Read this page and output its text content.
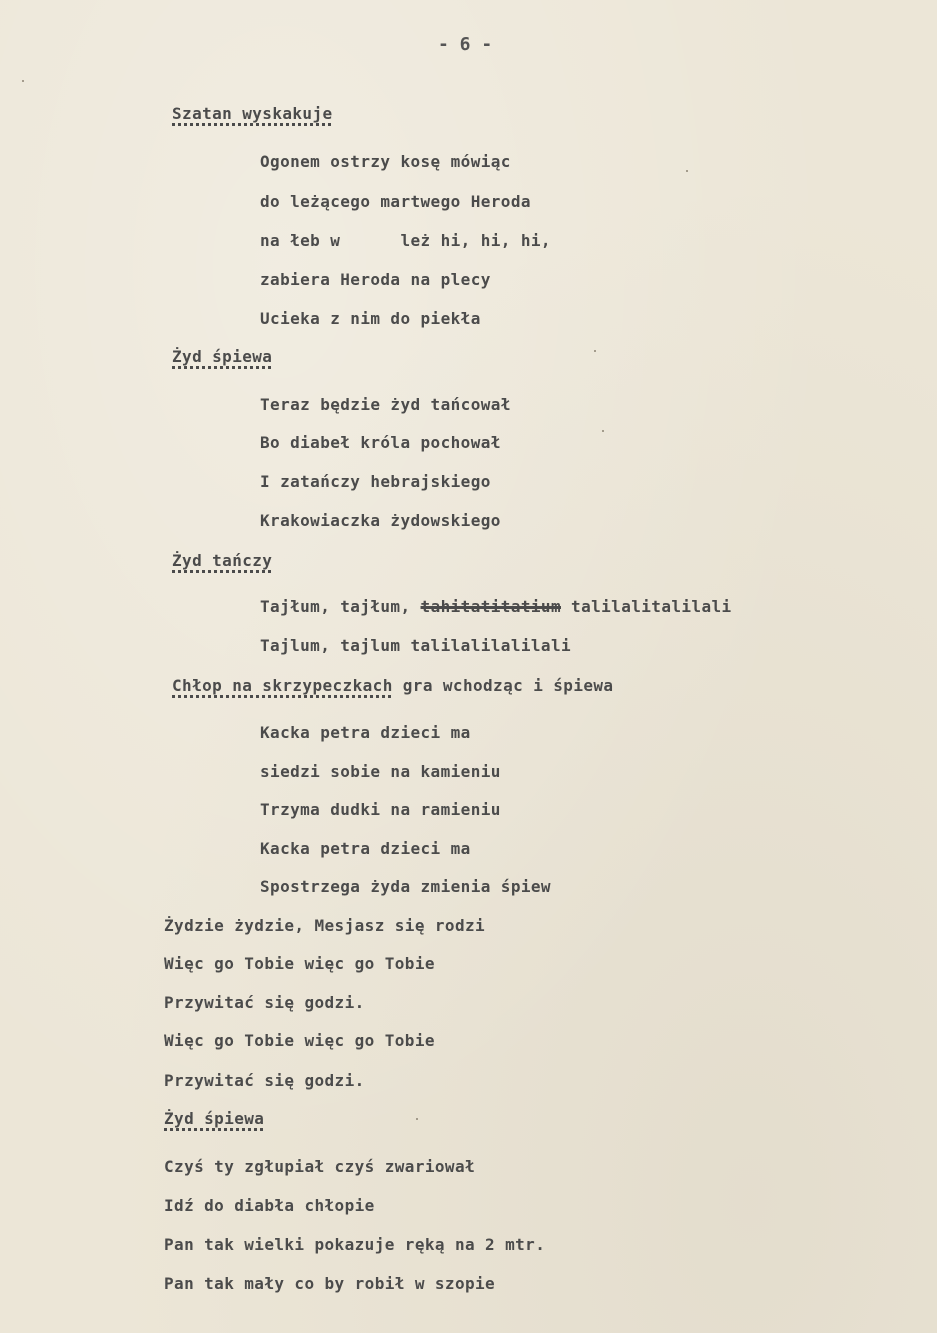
- 6 -
Szatan wyskakuje
Ogonem ostrzy kosę mówiąc
do leżącego martwego Heroda
na łeb w      leż hi, hi, hi,
zabiera Heroda na plecy
Ucieka z nim do piekła
Żyd śpiewa
Teraz będzie żyd tańcował
Bo diabeł króla pochował
I zatańczy hebrajskiego
Krakowiaczka żydowskiego
Żyd tańczy
Tajłum, tajłum, tahitatitatium talilalitalilali
Tajlum, tajlum talilalilalilali
Chłop na skrzypeczkach gra wchodząc i śpiewa
Kacka petra dzieci ma
siedzi sobie na kamieniu
Trzyma dudki na ramieniu
Kacka petra dzieci ma
Spostrzega żyda zmienia śpiew
Żydzie żydzie, Mesjasz się rodzi
Więc go Tobie więc go Tobie
Przywitać się godzi.
Więc go Tobie więc go Tobie
Przywitać się godzi.
Żyd śpiewa
Czyś ty zgłupiał czyś zwariował
Idź do diabła chłopie
Pan tak wielki pokazuje ręką na 2 mtr.
Pan tak mały co by robił w szopie
